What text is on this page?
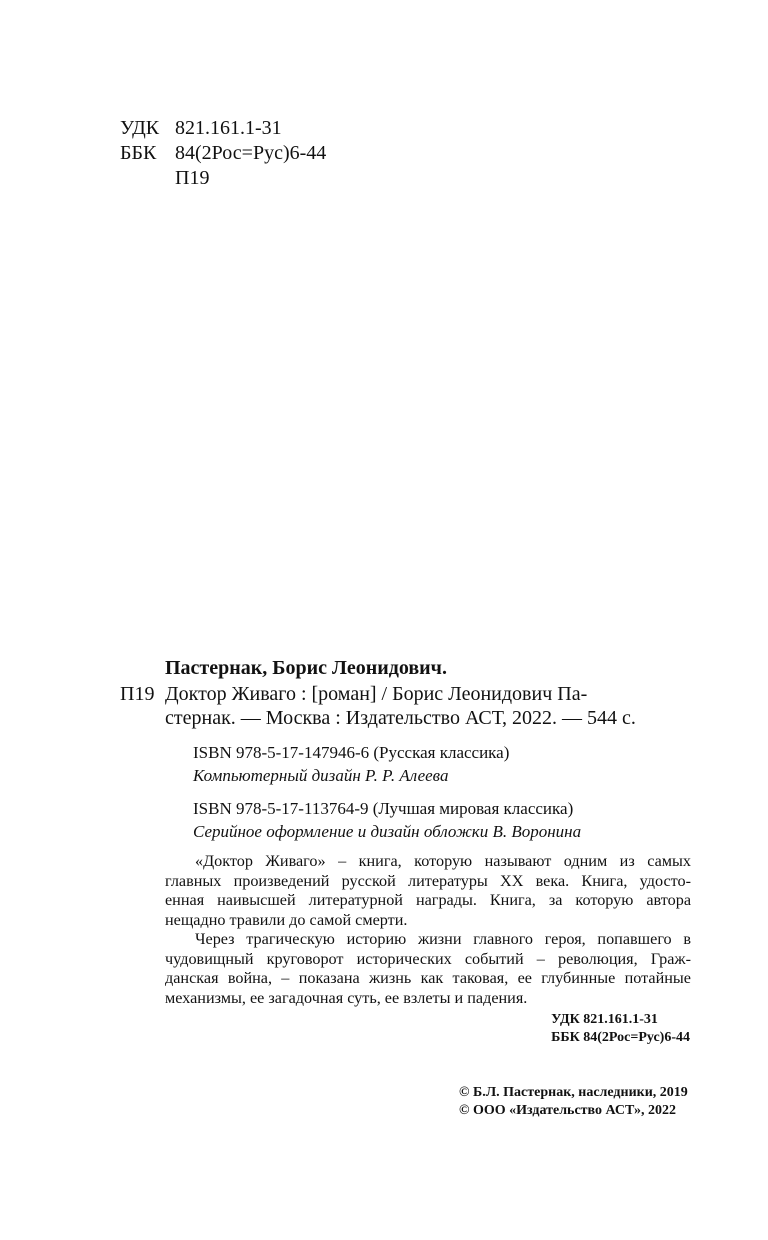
УДК 821.161.1-31
ББК 84(2Рос=Рус)6-44
П19
Пастернак, Борис Леонидович.
П19 Доктор Живаго : [роман] / Борис Леонидович Па-
стернак. — Москва : Издательство АСТ, 2022. — 544 с.
ISBN 978-5-17-147946-6 (Русская классика)
Компьютерный дизайн Р. Р. Алеева
ISBN 978-5-17-113764-9 (Лучшая мировая классика)
Серийное оформление и дизайн обложки В. Воронина

«Доктор Живаго» – книга, которую называют одним из самых
главных произведений русской литературы XX века. Книга, удосто-
енная наивысшей литературной награды. Книга, за которую автора
нещадно травили до самой смерти.

Через трагическую историю жизни главного героя, попавшего в
чудовищный круговорот исторических событий – революция, Граж-
данская война, – показана жизнь как таковая, ее глубинные потайные
механизмы, ее загадочная суть, ее взлеты и падения.

УДК 821.161.1-31
ББК 84(2Рос=Рус)6-44
© Б.Л. Пастернак, наследники, 2019
© ООО «Издательство АСТ», 2022
